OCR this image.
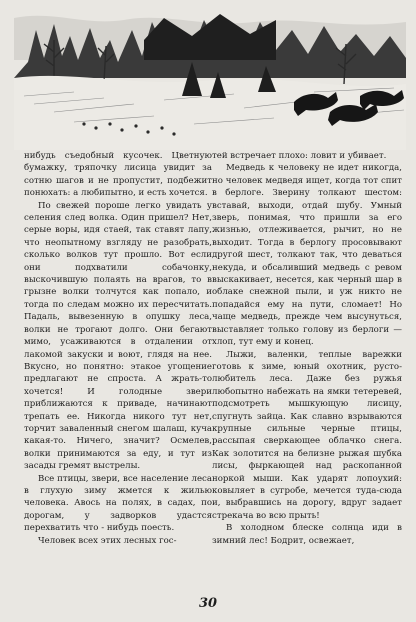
нибудь съедобный кусочек. Цветную бумажку, тряпочку лисица увидит за сотню шагов и не пропустит, подбежит понюхать: а любипытно, и есть хочется.

По свежей пороше легко увидать у селения след волка. Один пришел? Нет, серые воры, идя стаей, так ставят лапу, что неопытному взгляду не разобрать, сколько волков тут прошло. Вот если они подхватили собачонку, выскочившую полаять на врагов, то в грызне волки толчутся как попало, и тогда по следам можно их пересчитать. Падаль, вывезенную в опушку леса, волки не трогают долго. Они бегают мимо, усаживаются в отдалении от лакомой закуски и воют, глядя на нее. Вкусно, но понятно: этакое угощение предлагают не спроста. А жрать-то хочется! И голодные звери приближаются к приваде, начинают трепать ее. Никогда никого тут нет, торчит заваленный снегом шалаш, куча какая-то. Ничего, значит? Осмелев, волки принимаются за еду, и тут из засады гремят выстрелы.

Все птицы, звери, все население леса в глухую зиму жмется к жилью человека. Авось на полях, в садах, по дорогам, у задворков удастся перехватить что - нибудь поесть.

Человек всех этих лесных гос-

тей встречает плохо: ловит и убивает.

Медведь к человеку не идет никогда, но человек медведя ищет, когда тот спит в берлоге. Зверину толкают шестом: вставай, выходи, отдай шубу. Умный зверь, понимая, что пришли за его жизнью, отлеживается, рычит, но не выходит. Тогда в берлогу просовывают другой шест, толкают так, что деваться некуда, и обсаливший медведь с ревом выскакивает, несется, как черный шар в облаке снежной пыли, и уж никто не попадайся ему на пути, сломает! Но чаще медведь, прежде чем высунуться, выставляет только голову из берлоги — хлоп, тут ему и конец.

Лыжи, валенки, теплые варежки готовь к зиме, юный охотник, русто-любитель леса. Даже без ружья любопытно набежать на ямки тетеревей, подсмотреть мышкующую лисицу, спугнуть зайца. Как славно взрываются крупные сильные черные птицы, рассыпая сверкающее облачко снега. Как золотится на белизне рыжая шубка лисы, фыркающей над раскопанной норкой мыши. Как ударят лопоухий: ковыляет в сугробе, мечется туда-сюда и, выбравшись на дорогу, вдруг задает стрекача во всю прыть!

В холодном блеске солнца иди в зимний лес! Бодрит, освежает,

30
